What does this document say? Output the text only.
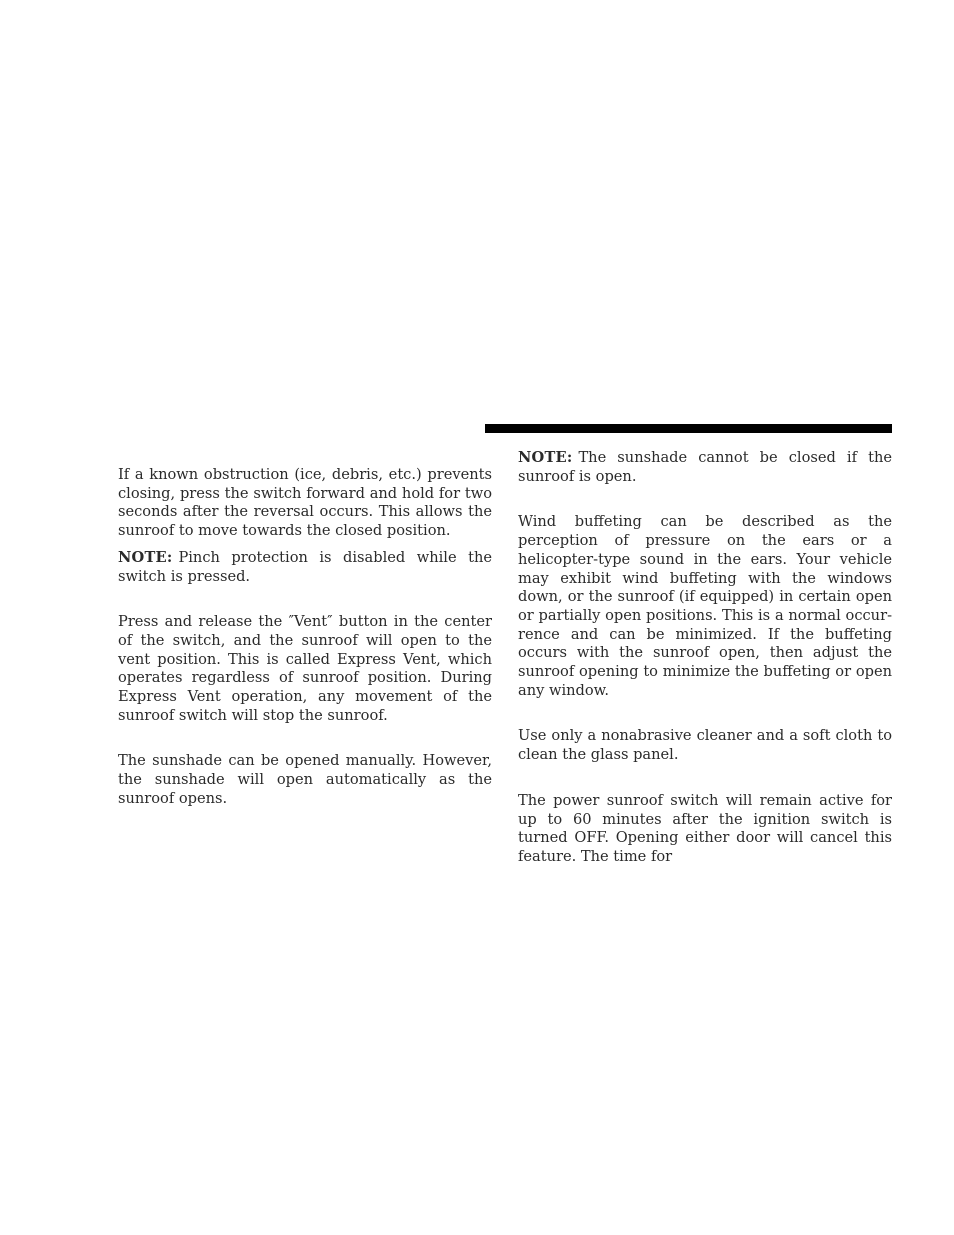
If a known obstruction (ice, debris, etc.) prevents closing, press the switch forward and hold for two seconds after the reversal occurs. This allows the sunroof to move towards the closed position.

NOTE: Pinch protection is disabled while the switch is pressed.

Press and release the ″Vent″ button in the center of the switch, and the sunroof will open to the vent position. This is called Express Vent, which operates regardless of sunroof position. During Express Vent operation, any movement of the sunroof switch will stop the sunroof.

The sunshade can be opened manually. However, the sunshade will open automatically as the sunroof opens.

NOTE: The sunshade cannot be closed if the sunroof is open.

Wind buffeting can be described as the perception of pressure on the ears or a helicopter-type sound in the ears. Your vehicle may exhibit wind buffeting with the windows down, or the sunroof (if equipped) in certain open or partially open positions. This is a normal occurrence and can be minimized. If the buffeting occurs with the sunroof open, then adjust the sunroof opening to minimize the buffeting or open any window.

Use only a nonabrasive cleaner and a soft cloth to clean the glass panel.

The power sunroof switch will remain active for up to 60 minutes after the ignition switch is turned OFF. Opening either door will cancel this feature. The time for
